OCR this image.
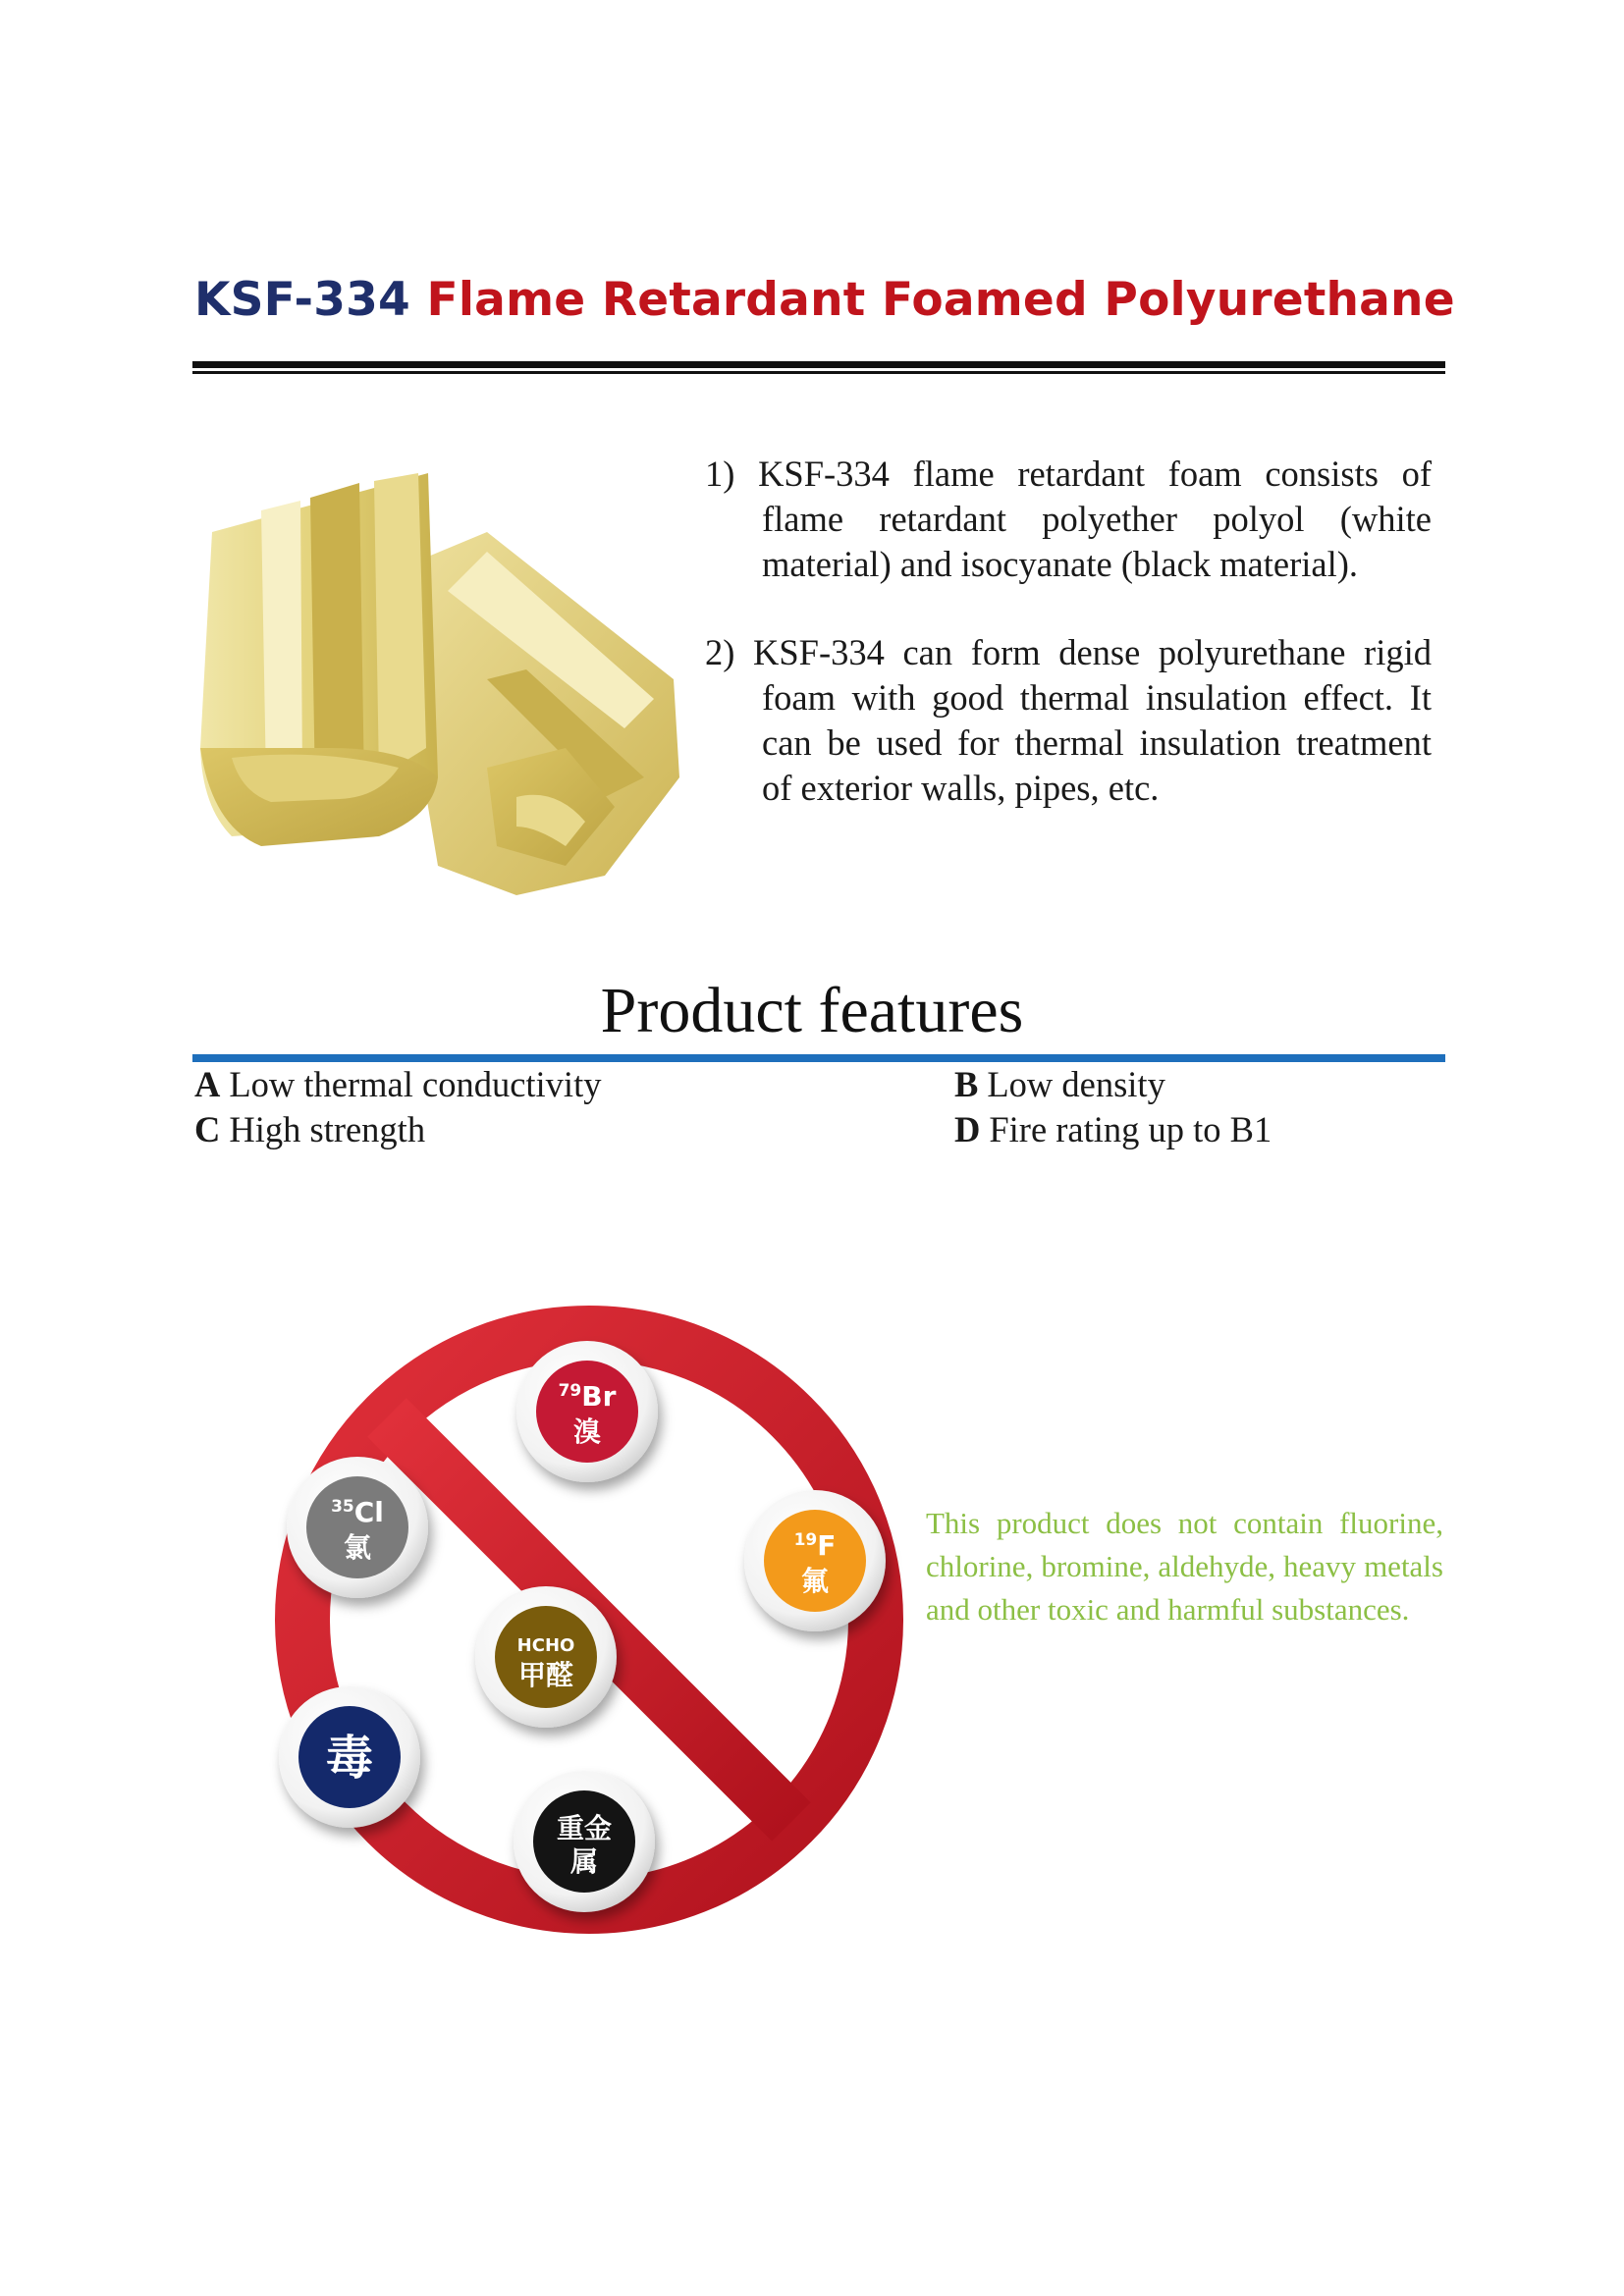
KSF-334 Flame Retardant Foamed Polyurethane

1) KSF-334 flame retardant foam consists of flame retardant polyether polyol (white material) and isocyanate (black material).

2) KSF-334 can form dense polyurethane rigid foam with good thermal insulation effect. It can be used for thermal insulation treatment of exterior walls, pipes, etc.

Product features
A Low thermal conductivity	B Low density
C High strength	D Fire rating up to B1
79Br
溴
19F
氟
35Cl
氯
HCHO
甲醛
毒
重金
属
This product does not contain fluorine, chlorine, bromine, aldehyde, heavy metals and other toxic and harmful substances.
